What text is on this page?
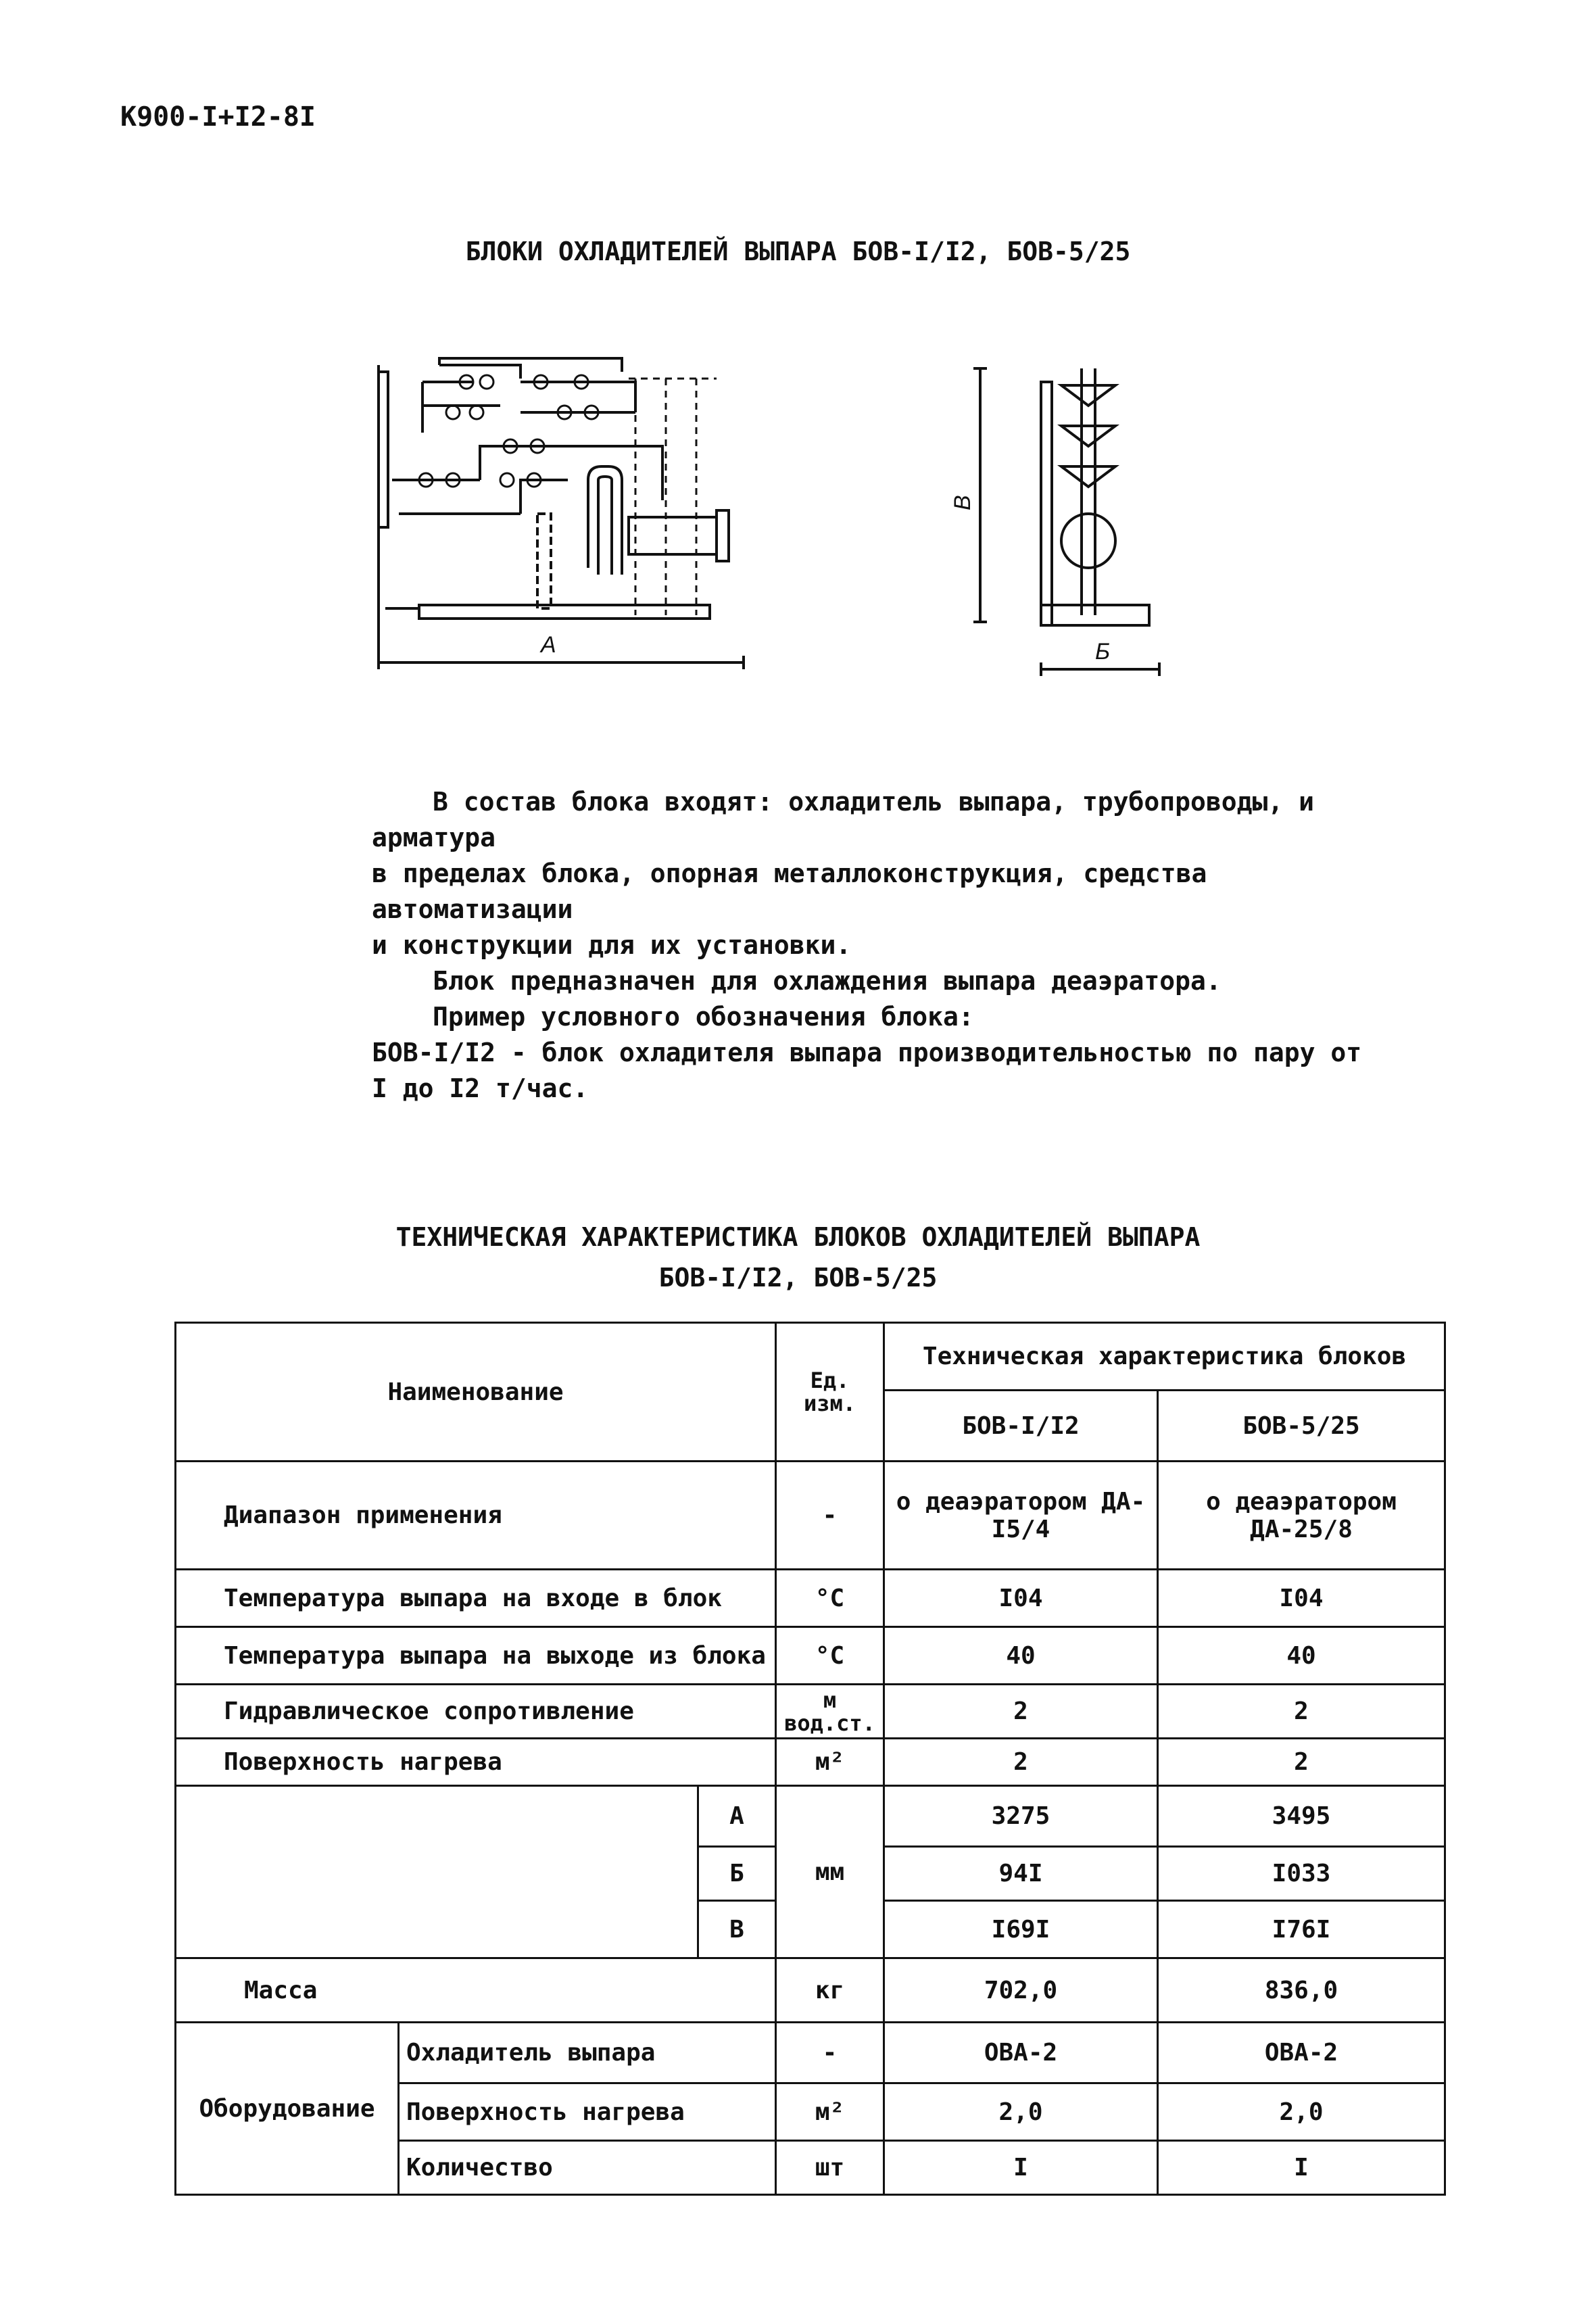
К900-I+I2-8I
БЛОКИ ОХЛАДИТЕЛЕЙ ВЫПАРА БОВ-I/I2, БОВ-5/25
А	Б
В

В состав блока входят: охладитель выпара, трубопроводы, и арматура

в пределах блока, опорная металлоконструкция, средства автоматизации

и конструкции для их установки.

Блок предназначен для охлаждения выпара деаэратора.

Пример условного обозначения блока:

БОВ-I/I2 - блок охладителя выпара производительностью по пару от

I до I2 т/час.

ТЕХНИЧЕСКАЯ ХАРАКТЕРИСТИКА БЛОКОВ ОХЛАДИТЕЛЕЙ ВЫПАРА
БОВ-I/I2, БОВ-5/25
Наименование			Ед. изм.	Техническая характеристика блоков	
				БОВ-I/I2	БОВ-5/25
Диапазон применения			-	о деаэратором ДА-I5/4	о деаэратором ДА-25/8
Температура выпара на входе в блок			°С	I04	I04
Температура выпара на выходе из блока			°С	40	40
Гидравлическое сопротивление			м вод.ст.	2	2
Поверхность нагрева			м²	2	2
		А	мм	3275	3495
		Б		94I	I033
		В		I69I	I76I
Масса			кг	702,0	836,0
Оборудование	Охладитель выпара		-	ОВА-2	ОВА-2
	Поверхность нагрева		м²	2,0	2,0
	Количество		шт	I	I
